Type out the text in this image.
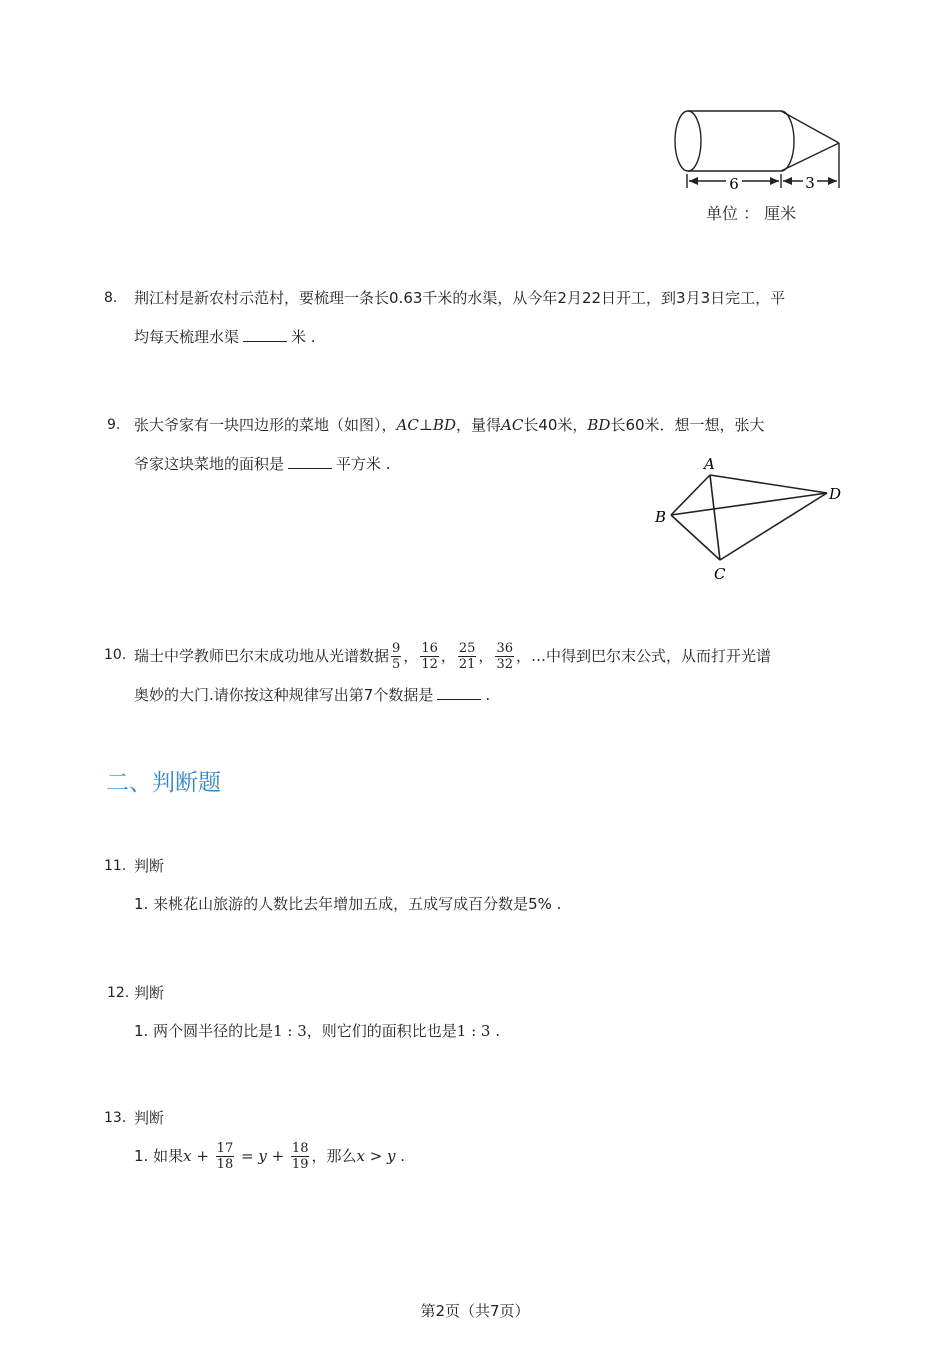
6	3
单位 ： 厘米
8. 荆江村是新农村示范村，要梳理一条长0.63千米的水渠，从今年2月22日开工，到3月3日完工，平
均每天梳理水渠	米 .
9. 张大爷家有一块四边形的菜地（如图），AC⊥BD，量得AC长40米，BD长60米．想一想，张大
爷家这块菜地的面积是	平方米 .	A
B
C
D
10. 瑞士中学教师巴尔末成功地从光谱数据 $\frac{9}{5}$ ， $\frac{16}{12}$ ， $\frac{25}{21}$ ， $\frac{36}{32}$ ，…中得到巴尔末公式，从而打开光谱
奥妙的大门.请你按这种规律写出第7个数据是	.
二、判断题
11. 判断
1. 来桃花山旅游的人数比去年增加五成，五成写成百分数是5% .
12. 判断
1. 两个圆半径的比是1 : 3，则它们的面积比也是1 : 3 .
13. 判断
1. 如果$x + \frac{17}{18} = y + \frac{18}{19}$ ，那么x > y .
第2页（共7页）
